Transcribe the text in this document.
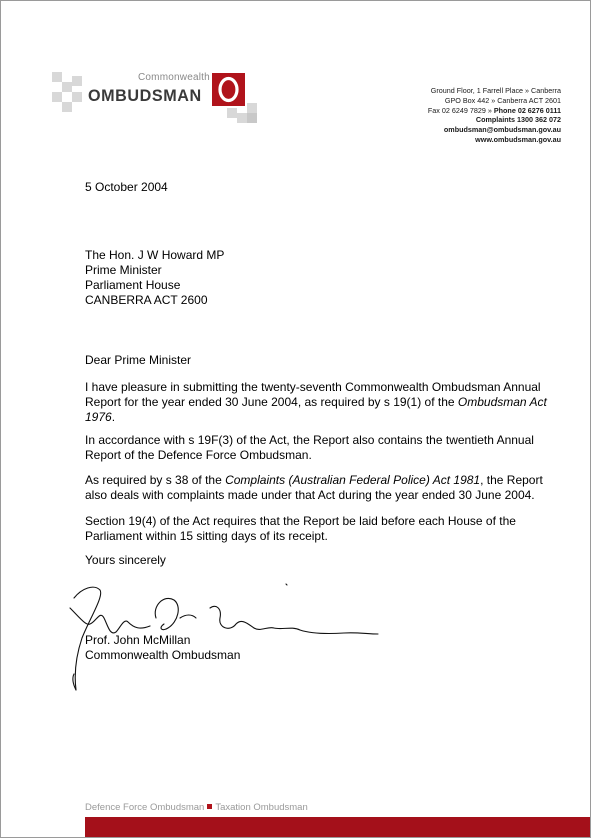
Commonwealth
OMBUDSMAN	Ground Floor, 1 Farrell Place » Canberra
GPO Box 442 » Canberra ACT 2601
Fax 02 6249 7829 » Phone 02 6276 0111
Complaints 1300 362 072
ombudsman@ombudsman.gov.au
www.ombudsman.gov.au
5 October 2004
The Hon. J W Howard MP
Prime Minister
Parliament House
CANBERRA ACT 2600
Dear Prime Minister
I have pleasure in submitting the twenty-seventh Commonwealth Ombudsman Annual Report for the year ended 30 June 2004, as required by s 19(1) of the Ombudsman Act 1976.
In accordance with s 19F(3) of the Act, the Report also contains the twentieth Annual Report of the Defence Force Ombudsman.
As required by s 38 of the Complaints (Australian Federal Police) Act 1981, the Report also deals with complaints made under that Act during the year ended 30 June 2004.
Section 19(4) of the Act requires that the Report be laid before each House of the Parliament within 15 sitting days of its receipt.
Yours sincerely
Prof. John McMillan
Commonwealth Ombudsman
Defence Force Ombudsman Taxation Ombudsman
